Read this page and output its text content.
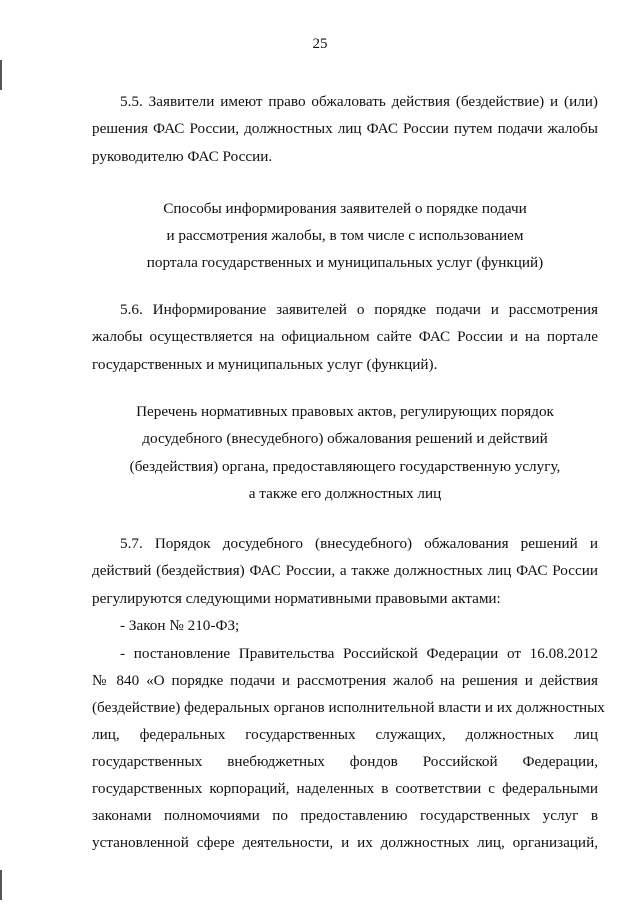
25
5.5. Заявители имеют право обжаловать действия (бездействие) и (или)
решения ФАС России, должностных лиц ФАС России путем подачи жалобы
руководителю ФАС России.
Способы информирования заявителей о порядке подачи
и рассмотрения жалобы, в том числе с использованием
портала государственных и муниципальных услуг (функций)
5.6. Информирование заявителей о порядке подачи и рассмотрения
жалобы осуществляется на официальном сайте ФАС России и на портале
государственных и муниципальных услуг (функций).
Перечень нормативных правовых актов, регулирующих порядок
досудебного (внесудебного) обжалования решений и действий
(бездействия) органа, предоставляющего государственную услугу,
а также его должностных лиц
5.7. Порядок досудебного (внесудебного) обжалования решений и
действий (бездействия) ФАС России, а также должностных лиц ФАС России
регулируются следующими нормативными правовыми актами:
- Закон № 210-ФЗ;
- постановление Правительства Российской Федерации от 16.08.2012
№ 840 «О порядке подачи и рассмотрения жалоб на решения и действия
(бездействие) федеральных органов исполнительной власти и их должностных
лиц, федеральных государственных служащих, должностных лиц
государственных внебюджетных фондов Российской Федерации,
государственных корпораций, наделенных в соответствии с федеральными
законами полномочиями по предоставлению государственных услуг в
установленной сфере деятельности, и их должностных лиц, организаций,
